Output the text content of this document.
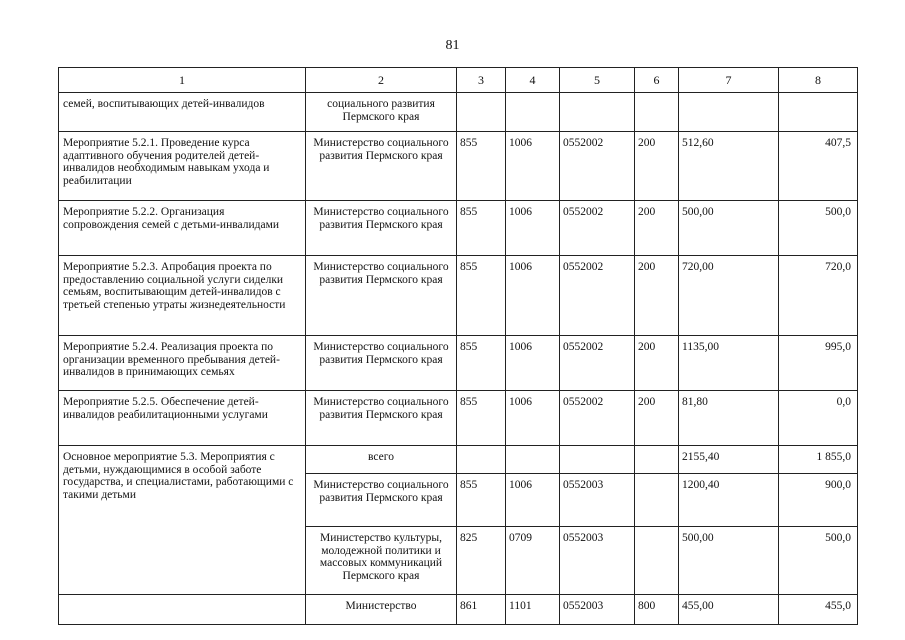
81
1	2	3	4	5	6	7	8
семей, воспитывающих детей-инвалидов	социального развития Пермского края						
Мероприятие 5.2.1. Проведение курса адаптивного обучения родителей детей-инвалидов необходимым навыкам ухода и реабилитации	Министерство социального развития Пермского края	855	1006	0552002	200	512,60	407,5
Мероприятие 5.2.2. Организация сопровождения семей с детьми-инвалидами	Министерство социального развития Пермского края	855	1006	0552002	200	500,00	500,0
Мероприятие 5.2.3. Апробация проекта по предоставлению социальной услуги сиделки семьям, воспитывающим детей-инвалидов с третьей степенью утраты жизнедеятельности	Министерство социального развития Пермского края	855	1006	0552002	200	720,00	720,0
Мероприятие 5.2.4. Реализация проекта по организации временного пребывания детей-инвалидов в принимающих семьях	Министерство социального развития Пермского края	855	1006	0552002	200	1135,00	995,0
Мероприятие 5.2.5. Обеспечение детей-инвалидов реабилитационными услугами	Министерство социального развития Пермского края	855	1006	0552002	200	81,80	0,0
Основное мероприятие 5.3. Мероприятия с детьми, нуждающимися в особой заботе государства, и специалистами, работающими с такими детьми	всего					2155,40	1 855,0
	Министерство социального развития Пермского края	855	1006	0552003		1200,40	900,0
	Министерство культуры, молодежной политики и массовых коммуникаций Пермского края	825	0709	0552003		500,00	500,0
	Министерство	861	1101	0552003	800	455,00	455,0
